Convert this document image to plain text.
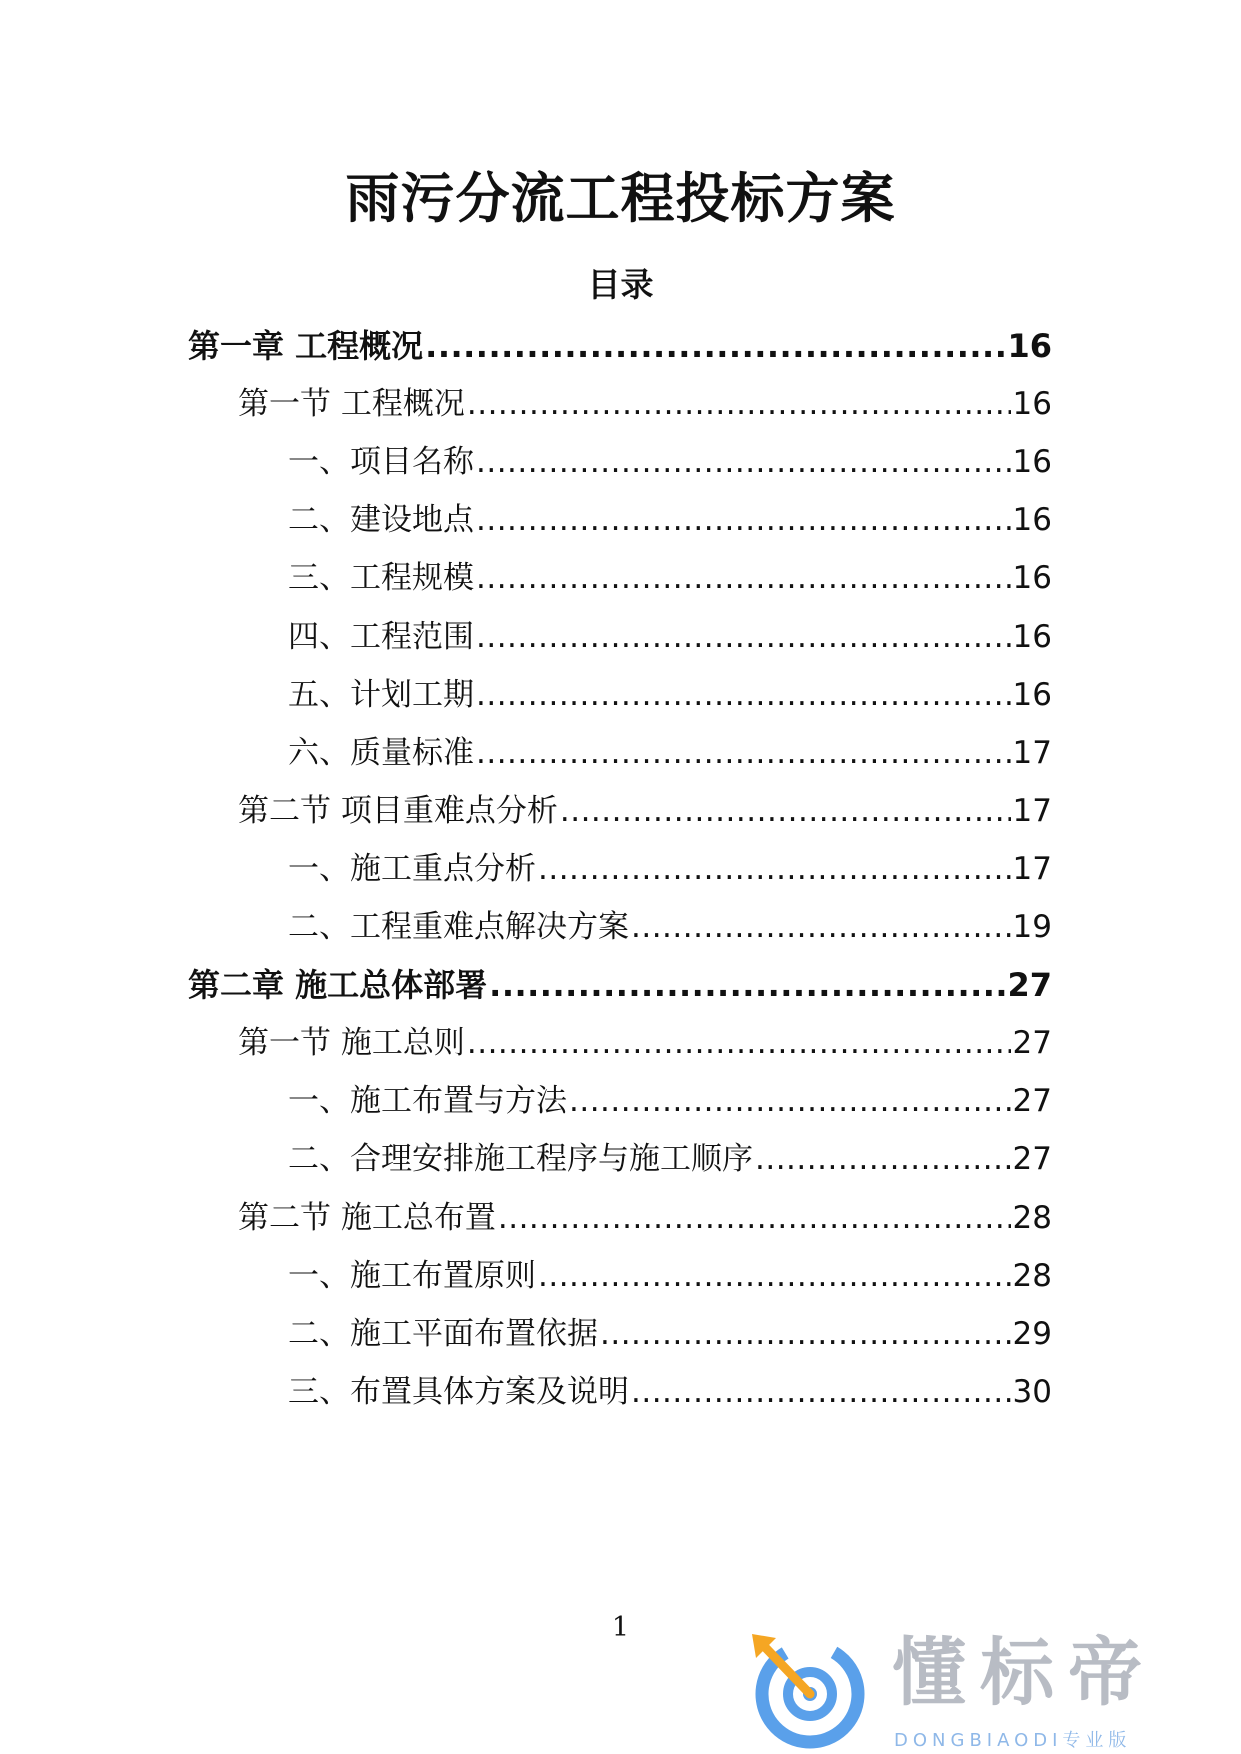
雨污分流工程投标方案
目录
第一章 工程概况 .....	16
第一节 工程概况 .....	16
一、项目名称 .....	16
二、建设地点 .....	16
三、工程规模 .....	16
四、工程范围 .....	16
五、计划工期 .....	16
六、质量标准 .....	17
第二节 项目重难点分析 .....	17
一、施工重点分析 .....	17
二、工程重难点解决方案 .....	19
第二章 施工总体部署 .....	27
第一节 施工总则 .....	27
一、施工布置与方法 .....	27
二、合理安排施工程序与施工顺序 .....	27
第二节 施工总布置 .....	28
一、施工布置原则 .....	28
二、施工平面布置依据 .....	29
三、布置具体方案及说明 .....	30
1
懂标帝
DONGBIAODI专业版
